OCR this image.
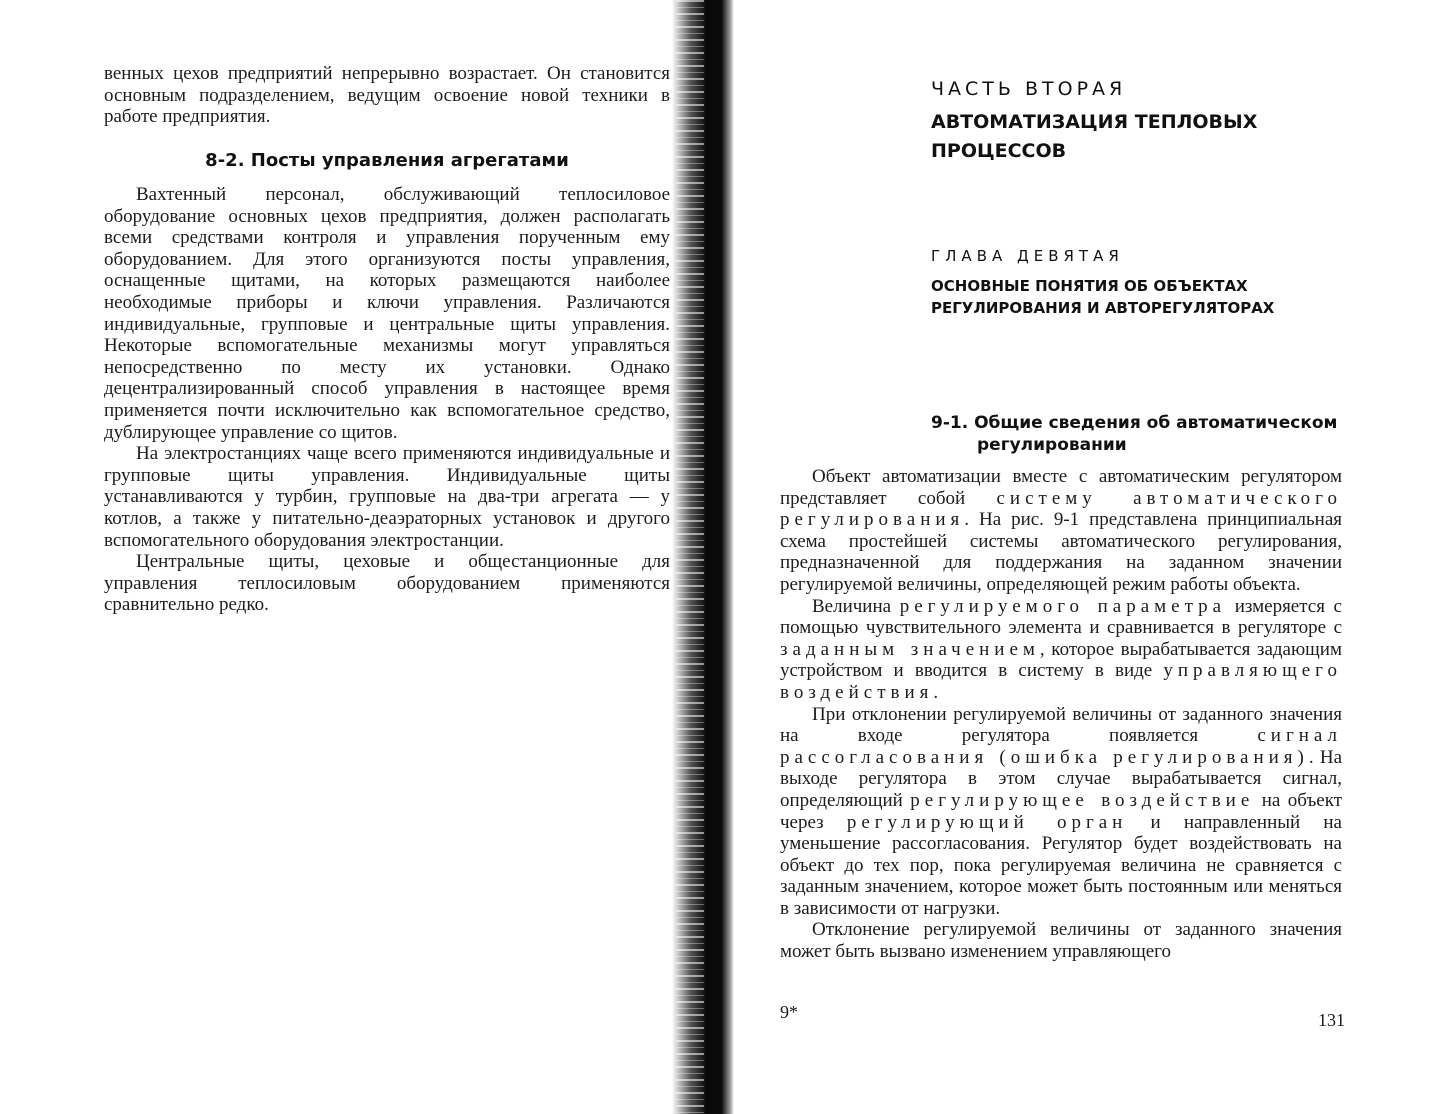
венных цехов предприятий непрерывно возрастает. Он становится основным подразделением, ведущим освоение новой техники в работе предприятия.

8-2. Посты управления агрегатами

Вахтенный персонал, обслуживающий теплосиловое оборудование основных цехов предприятия, должен располагать всеми средствами контроля и управления порученным ему оборудованием. Для этого организуются посты управления, оснащенные щитами, на которых размещаются наиболее необходимые приборы и ключи управления. Различаются индивидуальные, групповые и центральные щиты управления. Некоторые вспомогательные механизмы могут управляться непосредственно по месту их установки. Однако децентрализированный способ управления в настоящее время применяется почти исключительно как вспомогательное средство, дублирующее управление со щитов.

На электростанциях чаще всего применяются индивидуальные и групповые щиты управления. Индивидуальные щиты устанавливаются у турбин, групповые на два-три агрегата — у котлов, а также у питательно-деаэраторных установок и другого вспомогательного оборудования электростанции.

Центральные щиты, цеховые и общестанционные для управления теплосиловым оборудованием применяются сравнительно редко.

ЧАСТЬ ВТОРАЯ
АВТОМАТИЗАЦИЯ ТЕПЛОВЫХ ПРОЦЕССОВ
ГЛАВА ДЕВЯТАЯ
ОСНОВНЫЕ ПОНЯТИЯ ОБ ОБЪЕКТАХ РЕГУЛИРОВАНИЯ И АВТОРЕГУЛЯТОРАХ
9-1. Общие сведения об автоматическом
регулировании

Объект автоматизации вместе с автоматическим регулятором представляет собой систему автоматического регулирования. На рис. 9-1 представлена принципиальная схема простейшей системы автоматического регулирования, предназначенной для поддержания на заданном значении регулируемой величины, определяющей режим работы объекта.

Величина регулируемого параметра измеряется с помощью чувствительного элемента и сравнивается в регуляторе с заданным значением, которое вырабатывается задающим устройством и вводится в систему в виде управляющего воздействия.

При отклонении регулируемой величины от заданного значения на входе регулятора появляется сигнал рассогласования (ошибка регулирования). На выходе регулятора в этом случае вырабатывается сигнал, определяющий регулирующее воздействие на объект через регулирующий орган и направленный на уменьшение рассогласования. Регулятор будет воздействовать на объект до тех пор, пока регулируемая величина не сравняется с заданным значением, которое может быть постоянным или меняться в зависимости от нагрузки.

Отклонение регулируемой величины от заданного значения может быть вызвано изменением управляющего

9*	131
